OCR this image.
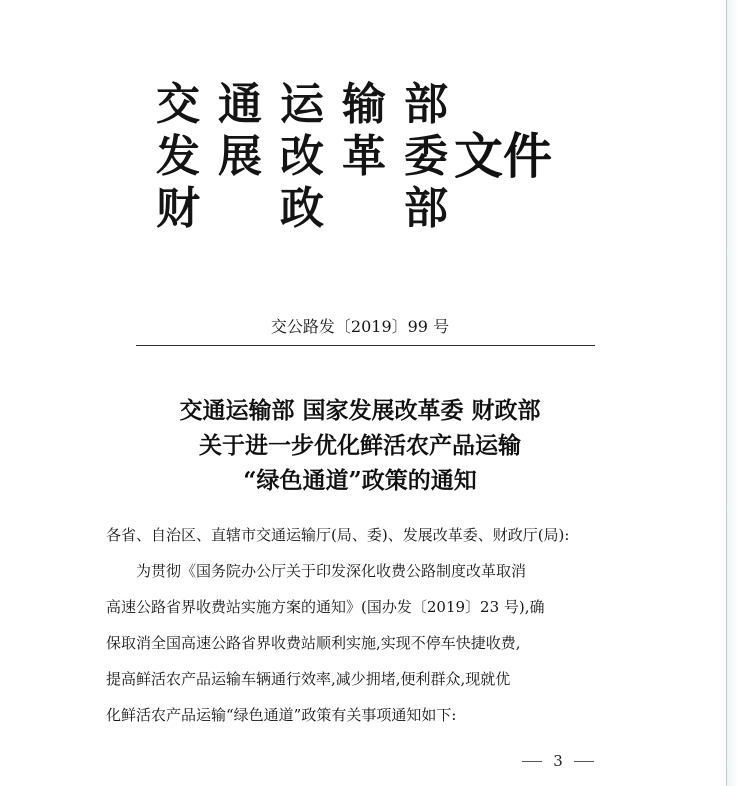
交 通 运 输 部
发 展 改 革 委
财 政 部
文件
交公路发〔2019〕99 号
交通运输部 国家发展改革委 财政部
关于进一步优化鲜活农产品运输
“绿色通道”政策的通知
各省、自治区、直辖市交通运输厅(局、委)、发展改革委、财政厅(局):
为贯彻《国务院办公厅关于印发深化收费公路制度改革取消
高速公路省界收费站实施方案的通知》(国办发〔2019〕23 号),确
保取消全国高速公路省界收费站顺利实施,实现不停车快捷收费,
提高鲜活农产品运输车辆通行效率,减少拥堵,便利群众,现就优
化鲜活农产品运输“绿色通道”政策有关事项通知如下:
3
